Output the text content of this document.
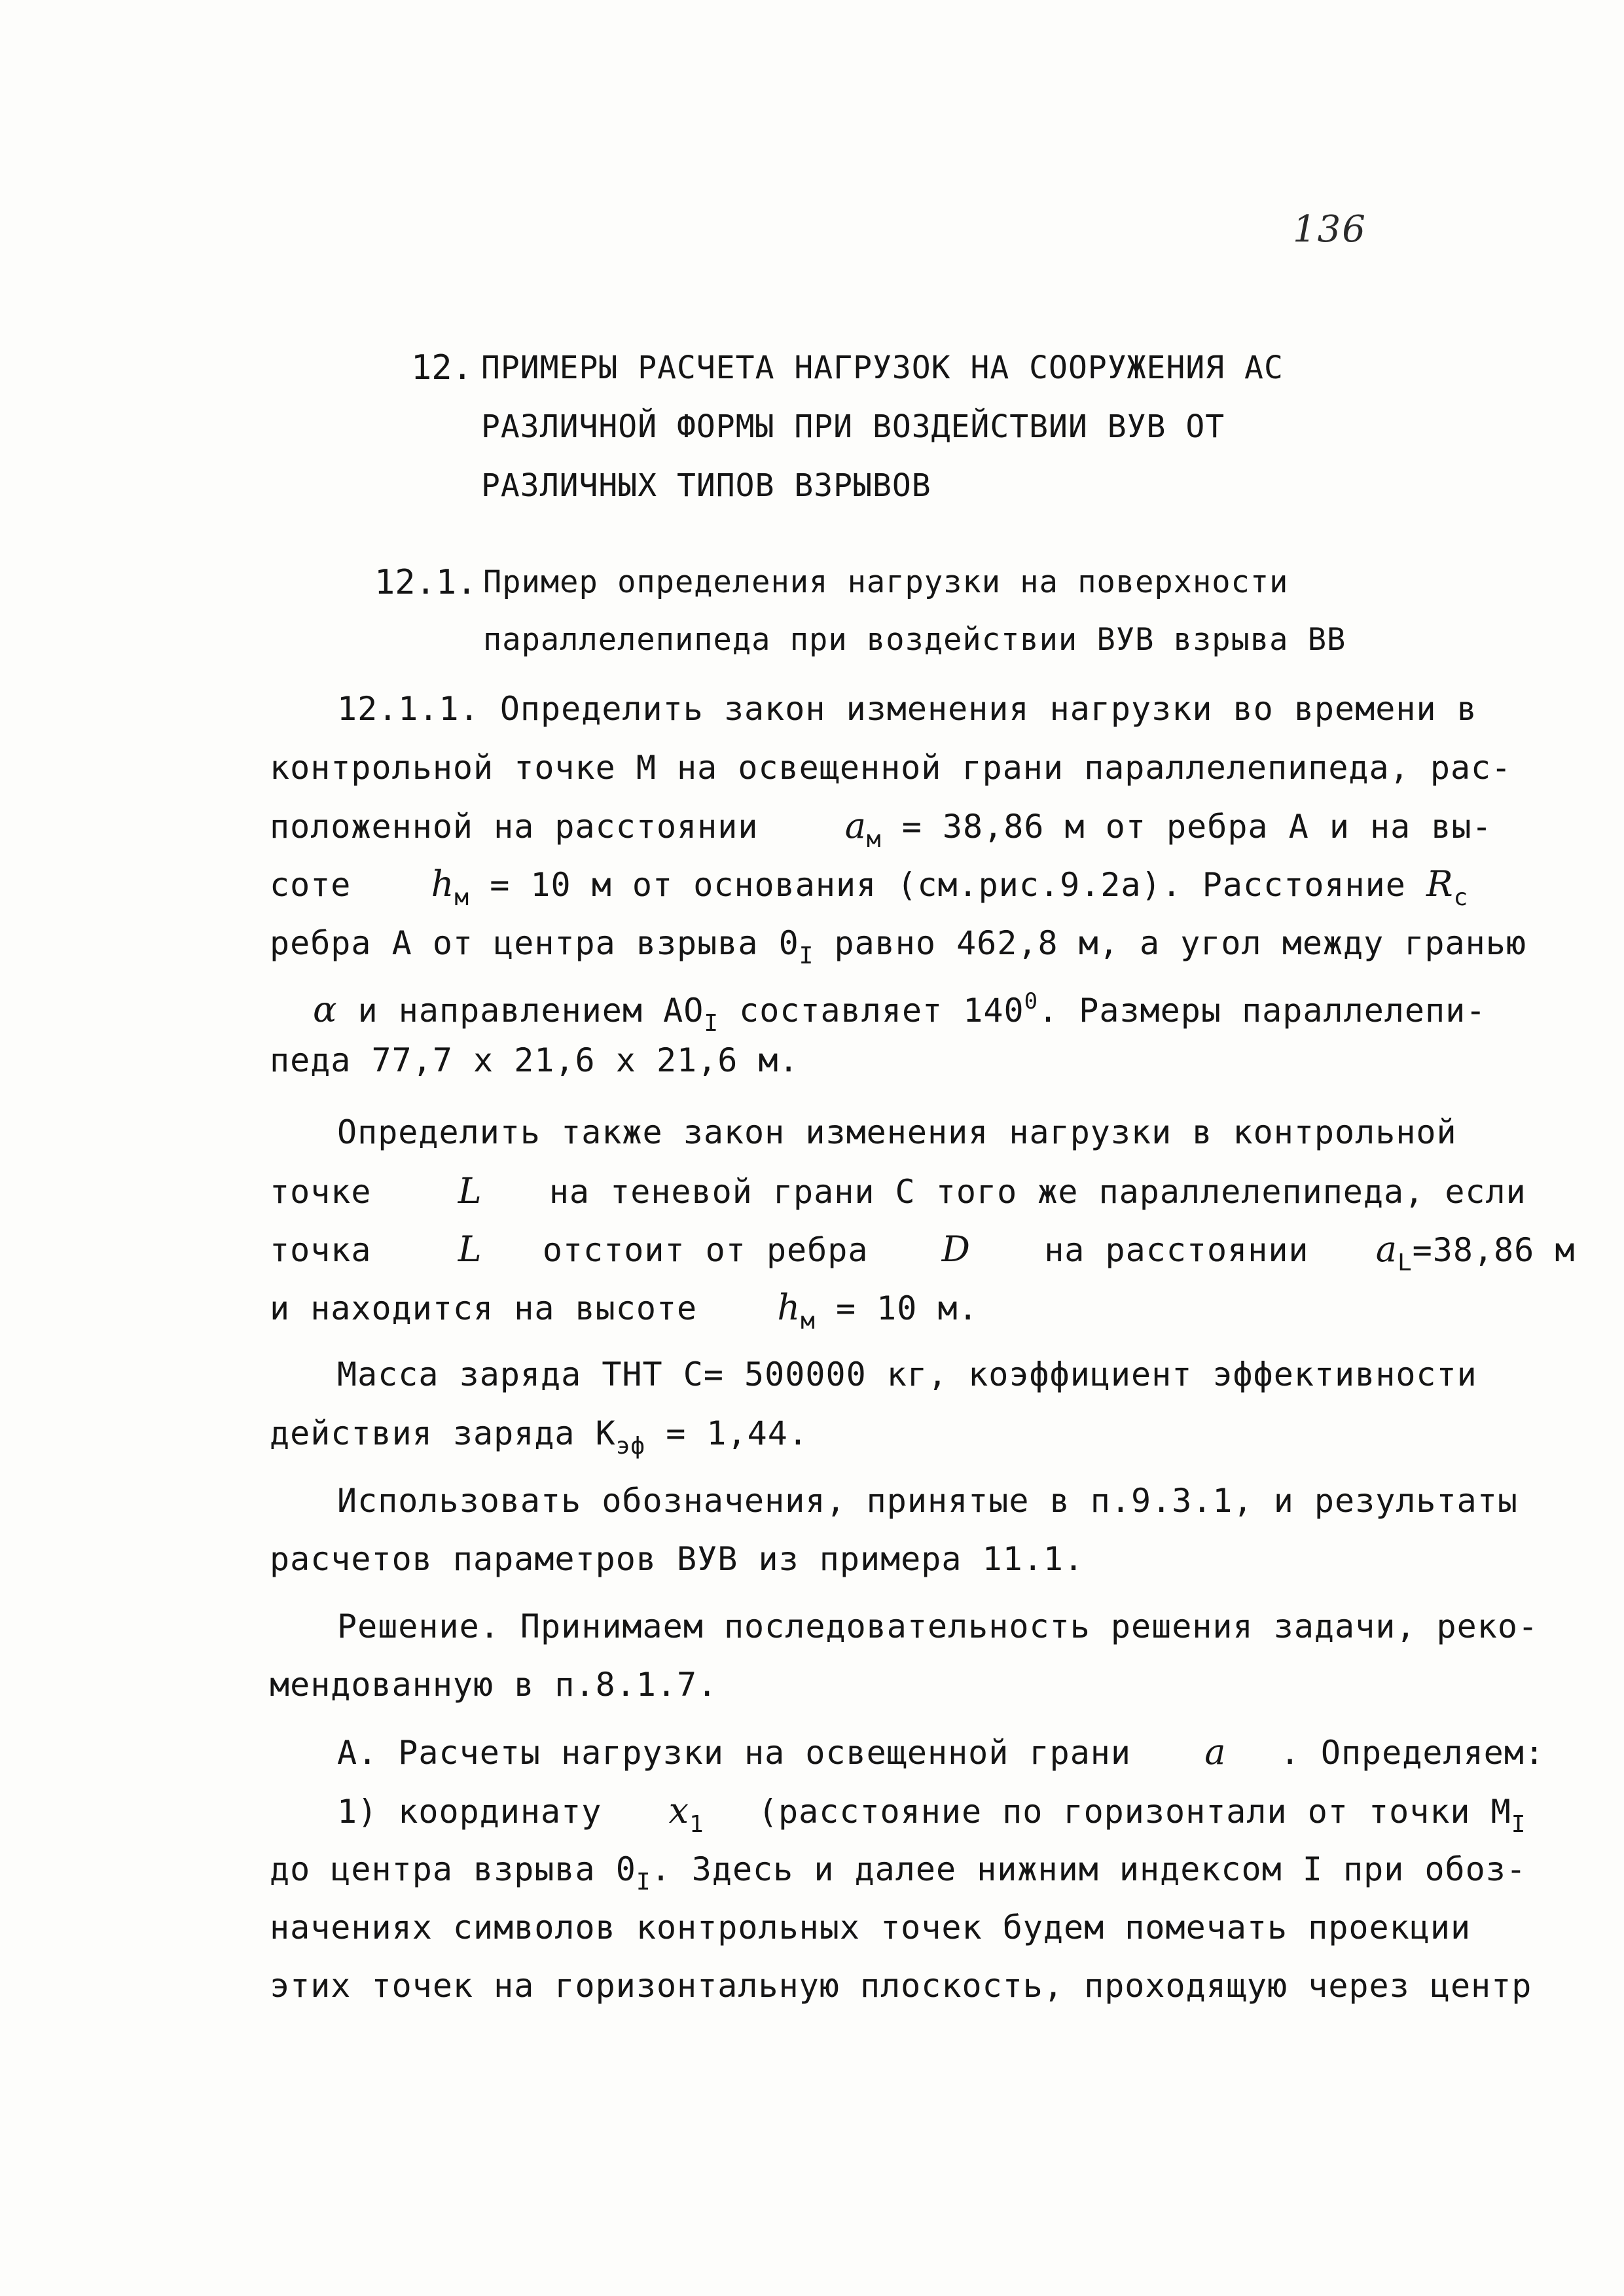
136
12. ПРИМЕРЫ РАСЧЕТА НАГРУЗОК НА СООРУЖЕНИЯ АС
РАЗЛИЧНОЙ ФОРМЫ ПРИ ВОЗДЕЙСТВИИ ВУВ ОТ
РАЗЛИЧНЫХ ТИПОВ ВЗРЫВОВ
12.1. Пример определения нагрузки на поверхности
параллелепипеда при воздействии ВУВ взрыва ВВ
12.1.1. Определить закон изменения нагрузки во времени в
контрольной точке М на освещенной грани параллелепипеда, рас-
положенной на расстоянии $a_м = 38,86$ м от ребра А и на вы-
соте $h_м = 10$ м от основания (см.рис.9.2а). Расстояние $R_c$
ребра А от центра взрыва $0_I$ равно 462,8 м, а угол между гранью
α и направлением $АО_I$ составляет $140^0$. Размеры параллелепи-
педа 77,7 х 21,6 х 21,6 м.
Определить также закон изменения нагрузки в контрольной
точке L на теневой грани С того же параллелепипеда, если
точка L отстоит от ребра D на расстоянии $a_L=38,86$ м
и находится на высоте $h_м = 10$ м.
Масса заряда ТНТ С= 500000 кг, коэффициент эффективности
действия заряда $К_{эф} = 1,44$.
Использовать обозначения, принятые в п.9.3.1, и результаты
расчетов параметров ВУВ из примера 11.1.
Решение. Принимаем последовательность решения задачи, реко-
мендованную в п.8.1.7.
А. Расчеты нагрузки на освещенной грани a . Определяем:
1) координату $x_1$ (расстояние по горизонтали от точки $М_I$
до центра взрыва $0_I$. Здесь и далее нижним индексом I при обоз-
начениях символов контрольных точек будем помечать проекции
этих точек на горизонтальную плоскость, проходящую через центр
